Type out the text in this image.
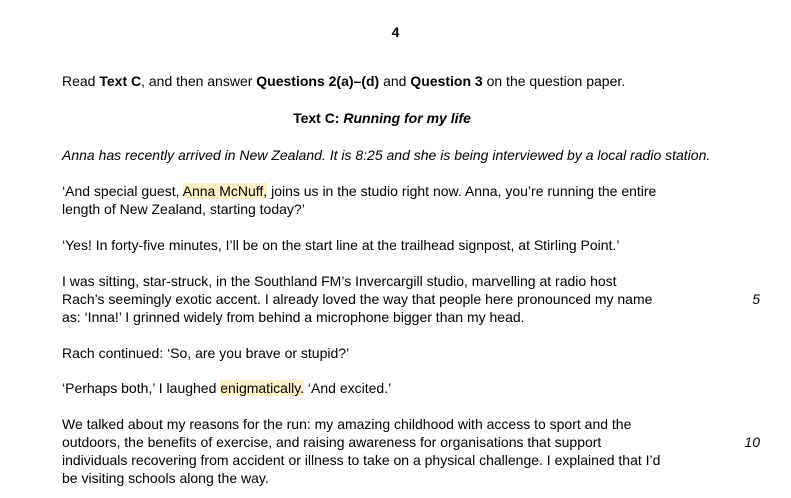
4
Read Text C, and then answer Questions 2(a)–(d) and Question 3 on the question paper.
Text C: Running for my life
Anna has recently arrived in New Zealand. It is 8:25 and she is being interviewed by a local radio station.
‘And special guest, Anna McNuff, joins us in the studio right now. Anna, you’re running the entire length of New Zealand, starting today?’
‘Yes! In forty-five minutes, I’ll be on the start line at the trailhead signpost, at Stirling Point.’
I was sitting, star-struck, in the Southland FM’s Invercargill studio, marvelling at radio host Rach’s seemingly exotic accent. I already loved the way that people here pronounced my name as: ‘Inna!’ I grinned widely from behind a microphone bigger than my head.
5
Rach continued: ‘So, are you brave or stupid?’
‘Perhaps both,’ I laughed enigmatically. ‘And excited.’
We talked about my reasons for the run: my amazing childhood with access to sport and the outdoors, the benefits of exercise, and raising awareness for organisations that support individuals recovering from accident or illness to take on a physical challenge. I explained that I’d be visiting schools along the way.
10
